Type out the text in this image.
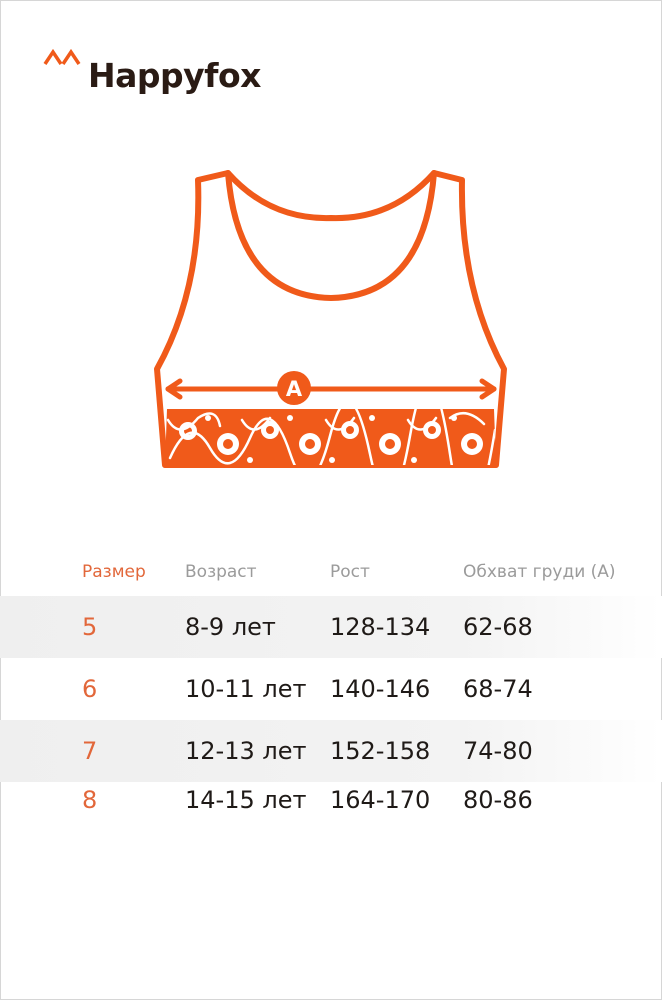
Happyfox
A
Размер Возраст	Рост	Обхват груди (А)
5	8-9 лет 128-134 62-68
6	10-11 лет 140-146 68-74
7	12-13 лет 152-158 74-80
8	14-15 лет 164-170 80-86
